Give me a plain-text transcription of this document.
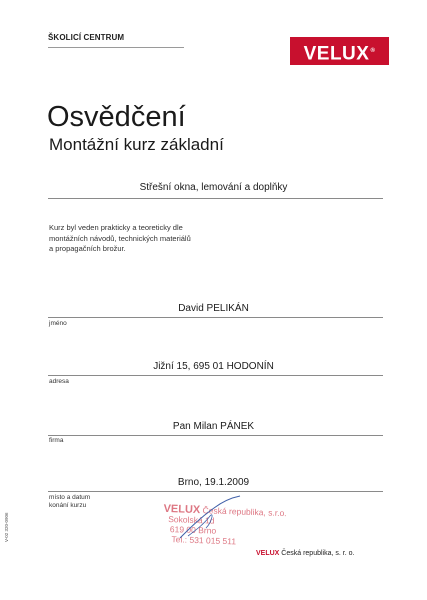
ŠKOLICÍ CENTRUM
VELUX®
Osvědčení
Montážní kurz základní
Střešní okna, lemování a doplňky
Kurz byl veden prakticky a teoreticky dle
montážních návodů, technických materiálů
a propagačních brožur.
David PELIKÁN
jméno
Jižní 15, 695 01 HODONÍN
adresa
Pan Milan PÁNEK
firma
Brno, 19.1.2009
místo a datum
konání kurzu	VELUX Česká republika, s.r.o.
Sokolská 1d
619 00 Brno
Tel.: 531 015 511
VELUX Česká republika, s. r. o.
V-02 320-0906
